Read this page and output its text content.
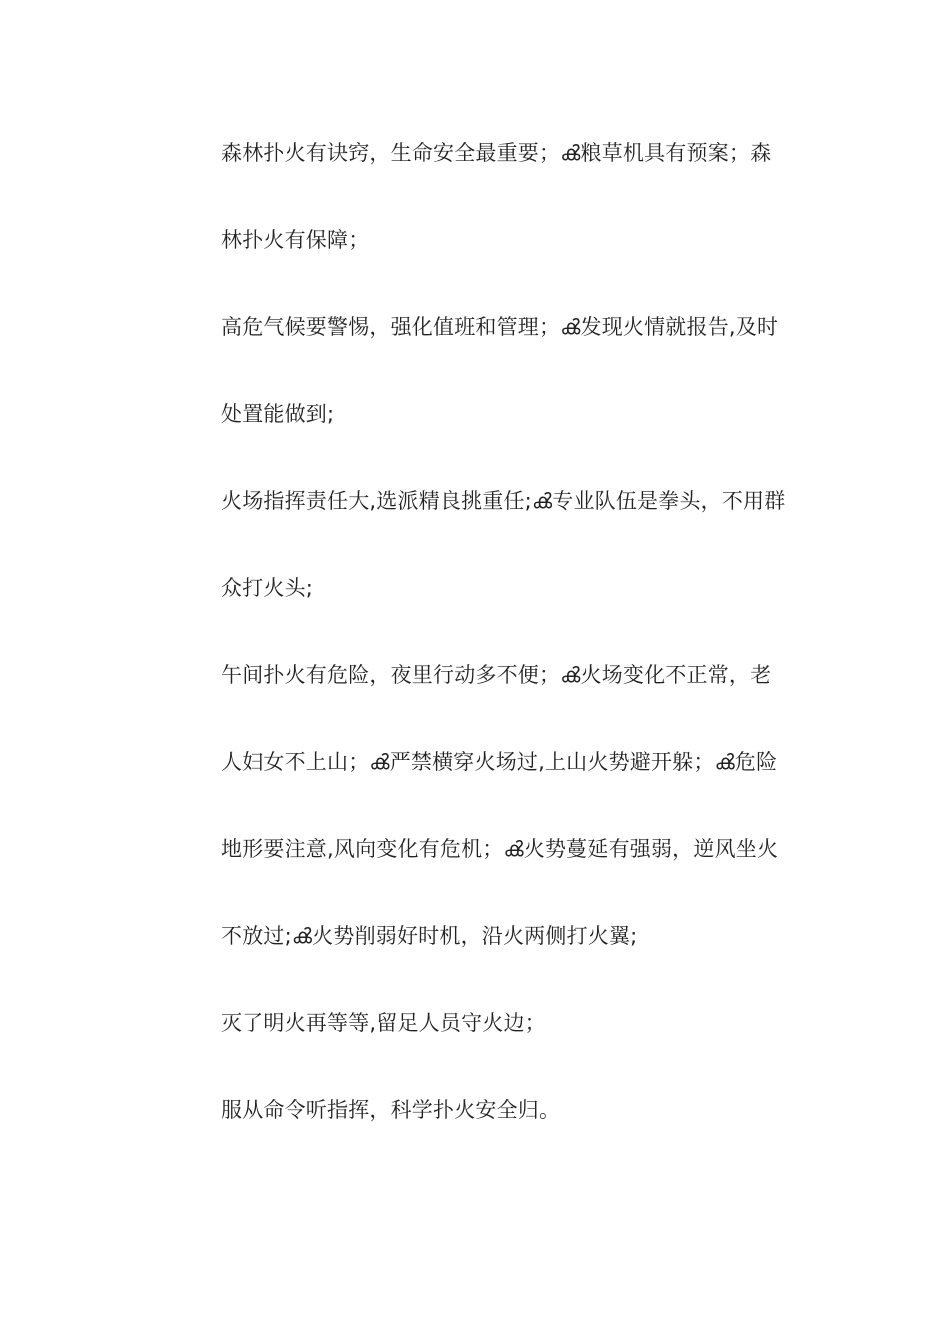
森林扑火有诀窍，生命安全最重要；ൿ粮草机具有预案；森
林扑火有保障；
高危气候要警惕，强化值班和管理；ൿ发现火情就报告,及时
处置能做到;
火场指挥责任大,选派精良挑重任;ൿ专业队伍是拳头，不用群
众打火头;
午间扑火有危险，夜里行动多不便；ൿ火场变化不正常，老
人妇女不上山；ൿ严禁横穿火场过,上山火势避开躲；ൿ危险
地形要注意,风向变化有危机；ൿ火势蔓延有强弱，逆风坐火
不放过;ൿ火势削弱好时机，沿火两侧打火翼;
灭了明火再等等,留足人员守火边；
服从命令听指挥，科学扑火安全归。
